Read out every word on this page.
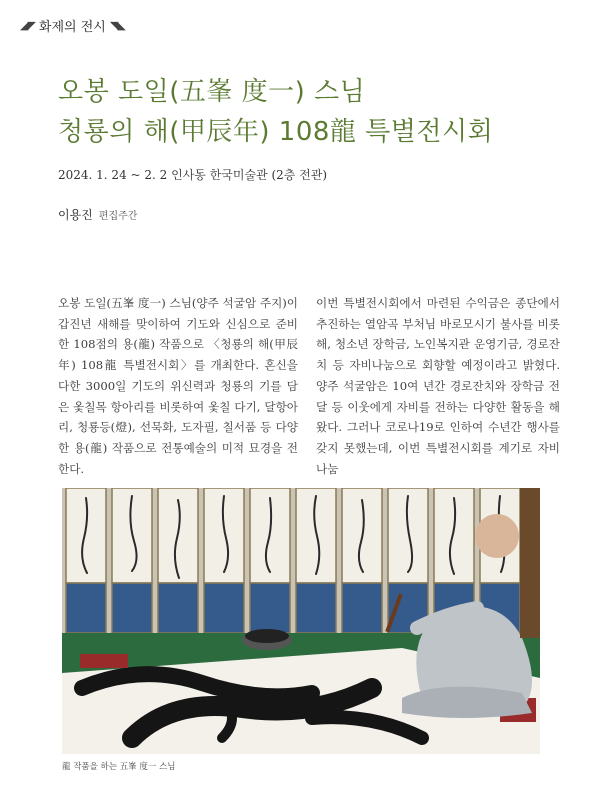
◢◤ 화제의 전시 ◥◣
오봉 도일(五峯 度一) 스님
청룡의 해(甲辰年) 108龍 특별전시회
2024. 1. 24 ~ 2. 2 인사동 한국미술관 (2층 전관)
이용진 편집주간
오봉 도일(五峯 度一) 스님(양주 석굴암 주지)이 갑진년 새해를 맞이하여 기도와 신심으로 준비한 108점의 용(龍) 작품으로 〈청룡의 해(甲辰年) 108龍 특별전시회〉를 개최한다. 혼신을 다한 3000일 기도의 위신력과 청룡의 기를 담은 옻칠목 항아리를 비롯하여 옻칠 다기, 달항아리, 청룡등(燈), 선묵화, 도자필, 칠서품 등 다양한 용(龍) 작품으로 전통예술의 미적 묘경을 전한다.
이번 특별전시회에서 마련된 수익금은 종단에서 추진하는 열암곡 부처님 바로모시기 불사를 비롯해, 청소년 장학금, 노인복지관 운영기금, 경로잔치 등 자비나눔으로 회향할 예정이라고 밝혔다. 양주 석굴암은 10여 년간 경로잔치와 장학금 전달 등 이웃에게 자비를 전하는 다양한 활동을 해 왔다. 그러나 코로나19로 인하여 수년간 행사를 갖지 못했는데, 이번 특별전시회를 계기로 자비나눔
龍 작품을 하는 五峯 度一 스님
